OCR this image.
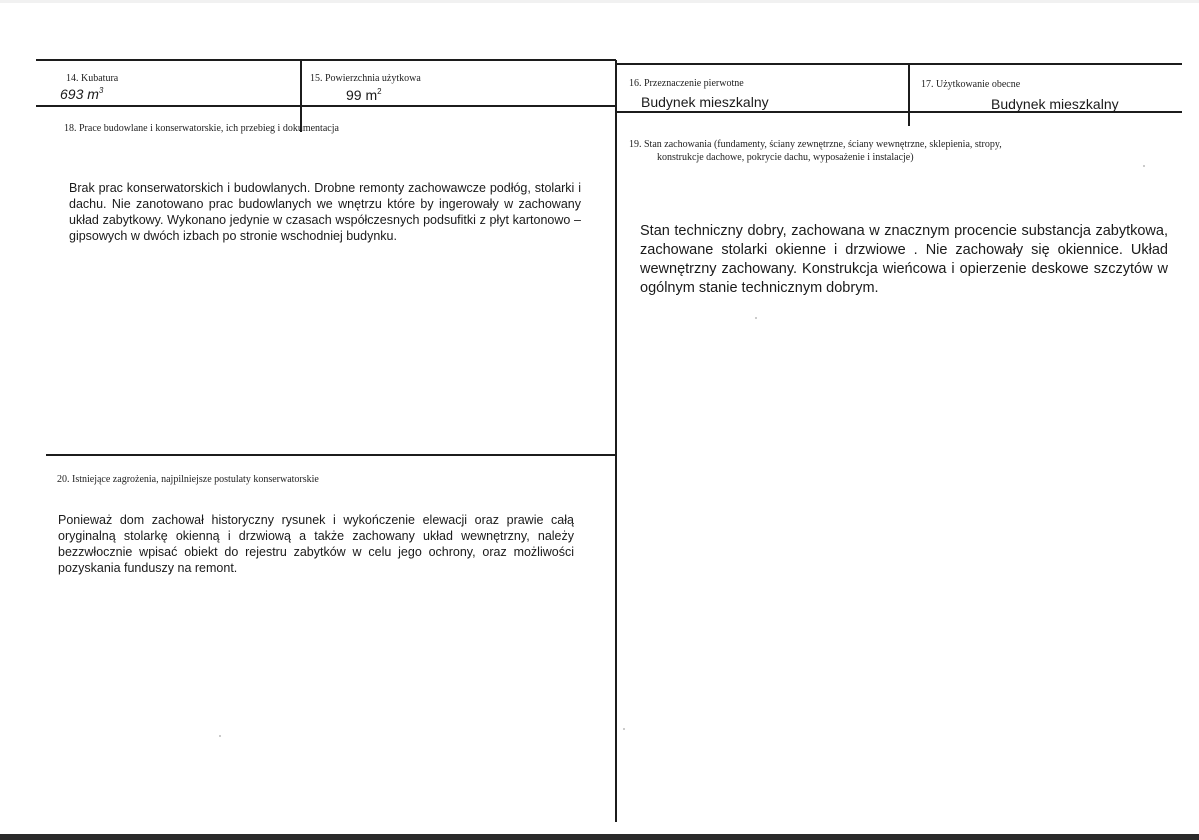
14. Kubatura
693 $m^3$
15. Powierzchnia użytkowa
99 $m^2$
16. Przeznaczenie pierwotne
Budynek mieszkalny
17. Użytkowanie obecne
Budynek mieszkalny
18. Prace budowlane i konserwatorskie, ich przebieg i dokumentacja
Brak prac konserwatorskich i budowlanych. Drobne remonty zachowawcze podłóg, stolarki i dachu. Nie zanotowano prac budowlanych we wnętrzu które by ingerowały w zachowany układ zabytkowy. Wykonano jedynie w czasach współczesnych podsufitki z płyt kartonowo – gipsowych w dwóch izbach po stronie wschodniej budynku.
19. Stan zachowania (fundamenty, ściany zewnętrzne, ściany wewnętrzne, sklepienia, stropy,
konstrukcje dachowe, pokrycie dachu, wyposażenie i instalacje)
Stan techniczny dobry, zachowana w znacznym procencie substancja zabytkowa, zachowane stolarki okienne i drzwiowe . Nie zachowały się okiennice. Układ wewnętrzny zachowany. Konstrukcja wieńcowa i opierzenie deskowe szczytów w ogólnym stanie technicznym dobrym.
20. Istniejące zagrożenia, najpilniejsze postulaty konserwatorskie
Ponieważ dom zachował historyczny rysunek i wykończenie elewacji oraz prawie całą oryginalną stolarkę okienną i drzwiową a także zachowany układ wewnętrzny, należy bezzwłocznie wpisać obiekt do rejestru zabytków w celu jego ochrony, oraz możliwości pozyskania funduszy na remont.
